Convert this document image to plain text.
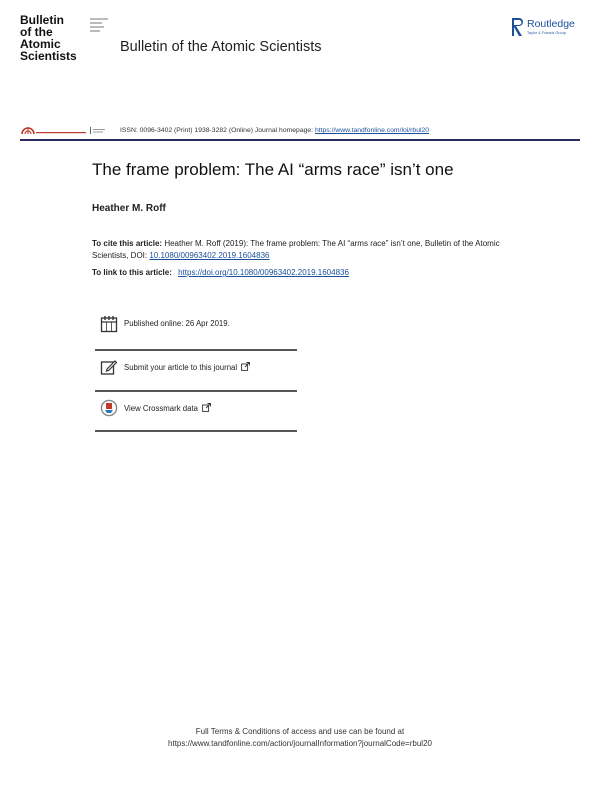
Bulletin
of the
Atomic
Scientists
Bulletin of the Atomic Scientists
Routledge
Taylor & Francis Group
ISSN: 0096-3402 (Print) 1938-3282 (Online) Journal homepage: https://www.tandfonline.com/loi/rbul20
The frame problem: The AI “arms race” isn’t one
Heather M. Roff
To cite this article: Heather M. Roff (2019): The frame problem: The AI “arms race” isn’t one, Bulletin of the Atomic Scientists, DOI: 10.1080/00963402.2019.1604836
To link to this article: https://doi.org/10.1080/00963402.2019.1604836
Published online: 26 Apr 2019.
Submit your article to this journal
View Crossmark data
Full Terms & Conditions of access and use can be found at
https://www.tandfonline.com/action/journalInformation?journalCode=rbul20
